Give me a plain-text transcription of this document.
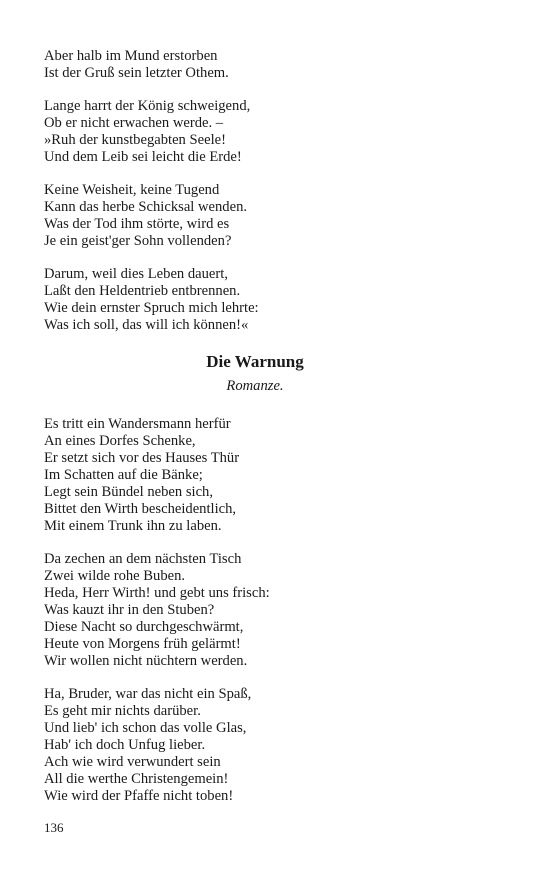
Aber halb im Mund erstorben
Ist der Gruß sein letzter Othem.
Lange harrt der König schweigend,
Ob er nicht erwachen werde. –
»Ruh der kunstbegabten Seele!
Und dem Leib sei leicht die Erde!
Keine Weisheit, keine Tugend
Kann das herbe Schicksal wenden.
Was der Tod ihm störte, wird es
Je ein geist'ger Sohn vollenden?
Darum, weil dies Leben dauert,
Laßt den Heldentrieb entbrennen.
Wie dein ernster Spruch mich lehrte:
Was ich soll, das will ich können!«
Die Warnung
Romanze.
Es tritt ein Wandersmann herfür
An eines Dorfes Schenke,
Er setzt sich vor des Hauses Thür
Im Schatten auf die Bänke;
Legt sein Bündel neben sich,
Bittet den Wirth bescheidentlich,
Mit einem Trunk ihn zu laben.
Da zechen an dem nächsten Tisch
Zwei wilde rohe Buben.
Heda, Herr Wirth! und gebt uns frisch:
Was kauzt ihr in den Stuben?
Diese Nacht so durchgeschwärmt,
Heute von Morgens früh gelärmt!
Wir wollen nicht nüchtern werden.
Ha, Bruder, war das nicht ein Spaß,
Es geht mir nichts darüber.
Und lieb' ich schon das volle Glas,
Hab' ich doch Unfug lieber.
Ach wie wird verwundert sein
All die werthe Christengemein!
Wie wird der Pfaffe nicht toben!
136
